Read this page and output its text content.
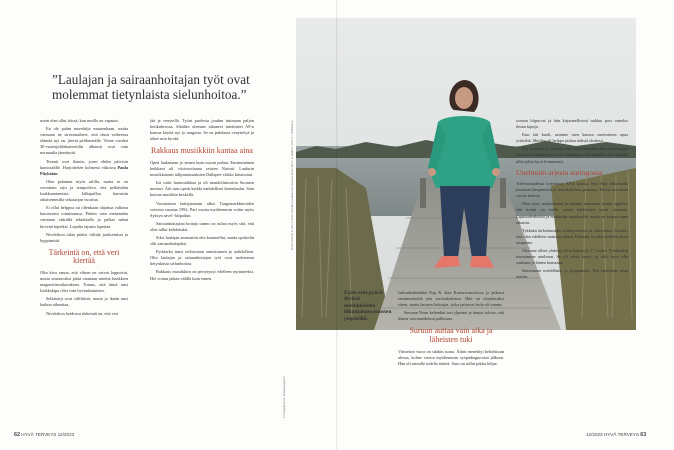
”Laulajan ja sairaanhoitajan työt ovat molemmat tietynlaista sielunhoitoa.”

usein olen ollut töissä, kun muilla on vapaata.

En ole pahin murehtija muutenkaan, mutta varmaan ne stressinaiheet, että tässä vaiheessa elämää nyt on, jäävät pelihmetälle. Viime vuoden 30-vuotisjuhlakonsertilin albumit ovat vain normaalia jännitystä.

Tesenit ovat ihanin, josen ehdin päivisin kuntosalille. Harjoittelen kolmesti viikossa Paula Piiyhtään

Olen pelannut myös salilla, mutta se on verrattain raju ja tempoileva, että pelkästään loukkaantumista. Jalkapalloa harrastin aikaisemmilla sekasarjan vuosina.

Ei ollut helppoa tai ollenkaan ohjattua valkeaa harrastusta toiminnassa. Pinkin vain menemään varmaan väärällä tekniikalla ja palkat nahut hirveän kipeiksi. Lopulta tajusin lopettaa.

Nivelrikon takia pitäisi välttää juoksemista ja hyppimistä.

Tärkeintä on, että veri kiertää

Olin kiva sanoa, että vihren ne vaivat loppuivat, mutta seuraavaksi pitää varmaan miettiä konkkien magneetinvaikutuksen. Totuus, että tämä uusi lonkkakipu olisi vain hyvänlaatuinen.

Selkäsärjt ovat väliltävät, mutta jo ikään uusi kaihon aiheuttaa.

Nivelrikon hoidossa tärkeintä on, että veri

tää ja venytellä. Työnt puolesta joudun tinimaan paljon kotikahvossa. Sikäliin olemme aikaneet miettineet AP:n kanssa käyttä nyt jo tuugasta. Se on puhdasta venyttelyä ja tekee niin hyvää.

Rakkaus musiikkiin kantaa aina

Open laulamaan jo ennen kuin osasin puhua. Ensimmäinen keikkani oli viisivuotiaana seisten Naivaä. Laulurin musiikkatonit tullpunaisuuksien Dallapee-viikko kässissäni.

Isä soitti harmonikkaa ja oli mandoliinisoitin Suomen mestari. Äiti taas opetti kaikki mahdolliset lastenlaulut. Sain kasvaa musiikin keskellä.

Varsinaisen laulajanurani alkoi Tangomarkkinoiden voitosta vuonna 1992. Pari vuotta myöhemmin voitin myös Syksyn sävel -kilpailun.

Sairaanhoitajana hoitaja tumm on tuliaa myös sitä, että olen tullut kohdatuksi.

Siksi laulajan ammattiin olin kuunnellut, mutta opiskelin silti sairaanhoitajaksi.

Pyrkiarka tunsi erikoisiaan onnistuneen ja aaltelolleni. Olin laulajan ja sairaanhoitajan työt ovat molemmat tietynlaista sielunhoitoa.

Rakkaus musiikkiin on pertytynyt edelleen nyrtäneeksi. Hei voitan jatkaa välillä kuin ennen.

Collageknyasi: kuukaupapelit
Kiitos Hotel Lahti, Lumo. Ensiksi mukanolla kuvaan Kare Kiro. Lokakuu Valo 2 / Näkemys.
Eijan arki pyörii tiiviisti mielukkeiden liikuntaharrastusten ympärillä.

laulunkeikinhäni Pop & Jazz Konservatoriossa ja jatkuva ensimmäisellä yön soolonlaulussa. Hän on ohjattavaksi sitten, mutta lauteen kokoajat, jotka painivat laulu eli tunnin.

Seuraan Neun keltenkin tosi ylpeänä ja tämyn tolvon, että hänen vaivannäkönsä palkitaan.

Suruun auttaa vain aika ja läheisten tuki

Viimeisin vuosi on sitäkin surua. Äitini menehtyi hebohkuun alossa, kolme vuotta myöhemmin syöpädiagnoosin jälkeen. Hän oli minulle todella tärkeä. Suru on tullut pikku hiljaa.

sosmat hiipuivat ja hän kirjaimellisesti nukkui pois onneksi ilman kipuja.

Kun äiti kuoli, saimme tuen kanssa suremiseen apua ystäviltä. Meidän oli helppo puhua äidistä yhdessä.

Nyt voimme jo viisailla siitä, että mitäköhän äiti olisi sanonut jokaiseen tilanteeseen. Josta tiedämme, että hänellä olisi takuulla ollut jokin hyvä kommentti.

Unelmoin arjesta auringossa

Tulevaisuudessa toivomme AP:n kanssa, että ehkä ulkomailla joutaisin lämpimissä ja aurinkoisessa paikassa. Emme ota ensin vuotta kotona.

Olen työn, matkustelun ja monien muusteen kautta oppinut, että kotini on siellä, missä kulkennen sarun olemaan. Lapsuudenkotini ja matkustin maailmalle, mutta en kaipaa sinne takaisin.

Tykkään tärkeimmäksi esiintymisestä ja ystävistäni. Kuulen, että olen edelleen mukana näissä. Elämäni on tällä hetkellä hyvä tasapaino.

Olemme olleet yhdessä AP:n kanssa jo 17 vuotta. Vihdoinkin toteutimme unelman. Se oli selvä kuvio: ja olisi hyvä olla vanhana ja hänen kanssaan.

Saunomme mielelläme ja joogaamme. Nyt nautimme tästä arjesta.

62 HYVÄ TERVEYS 12/2023	12/2023 HYVÄ TERVEYS 63
